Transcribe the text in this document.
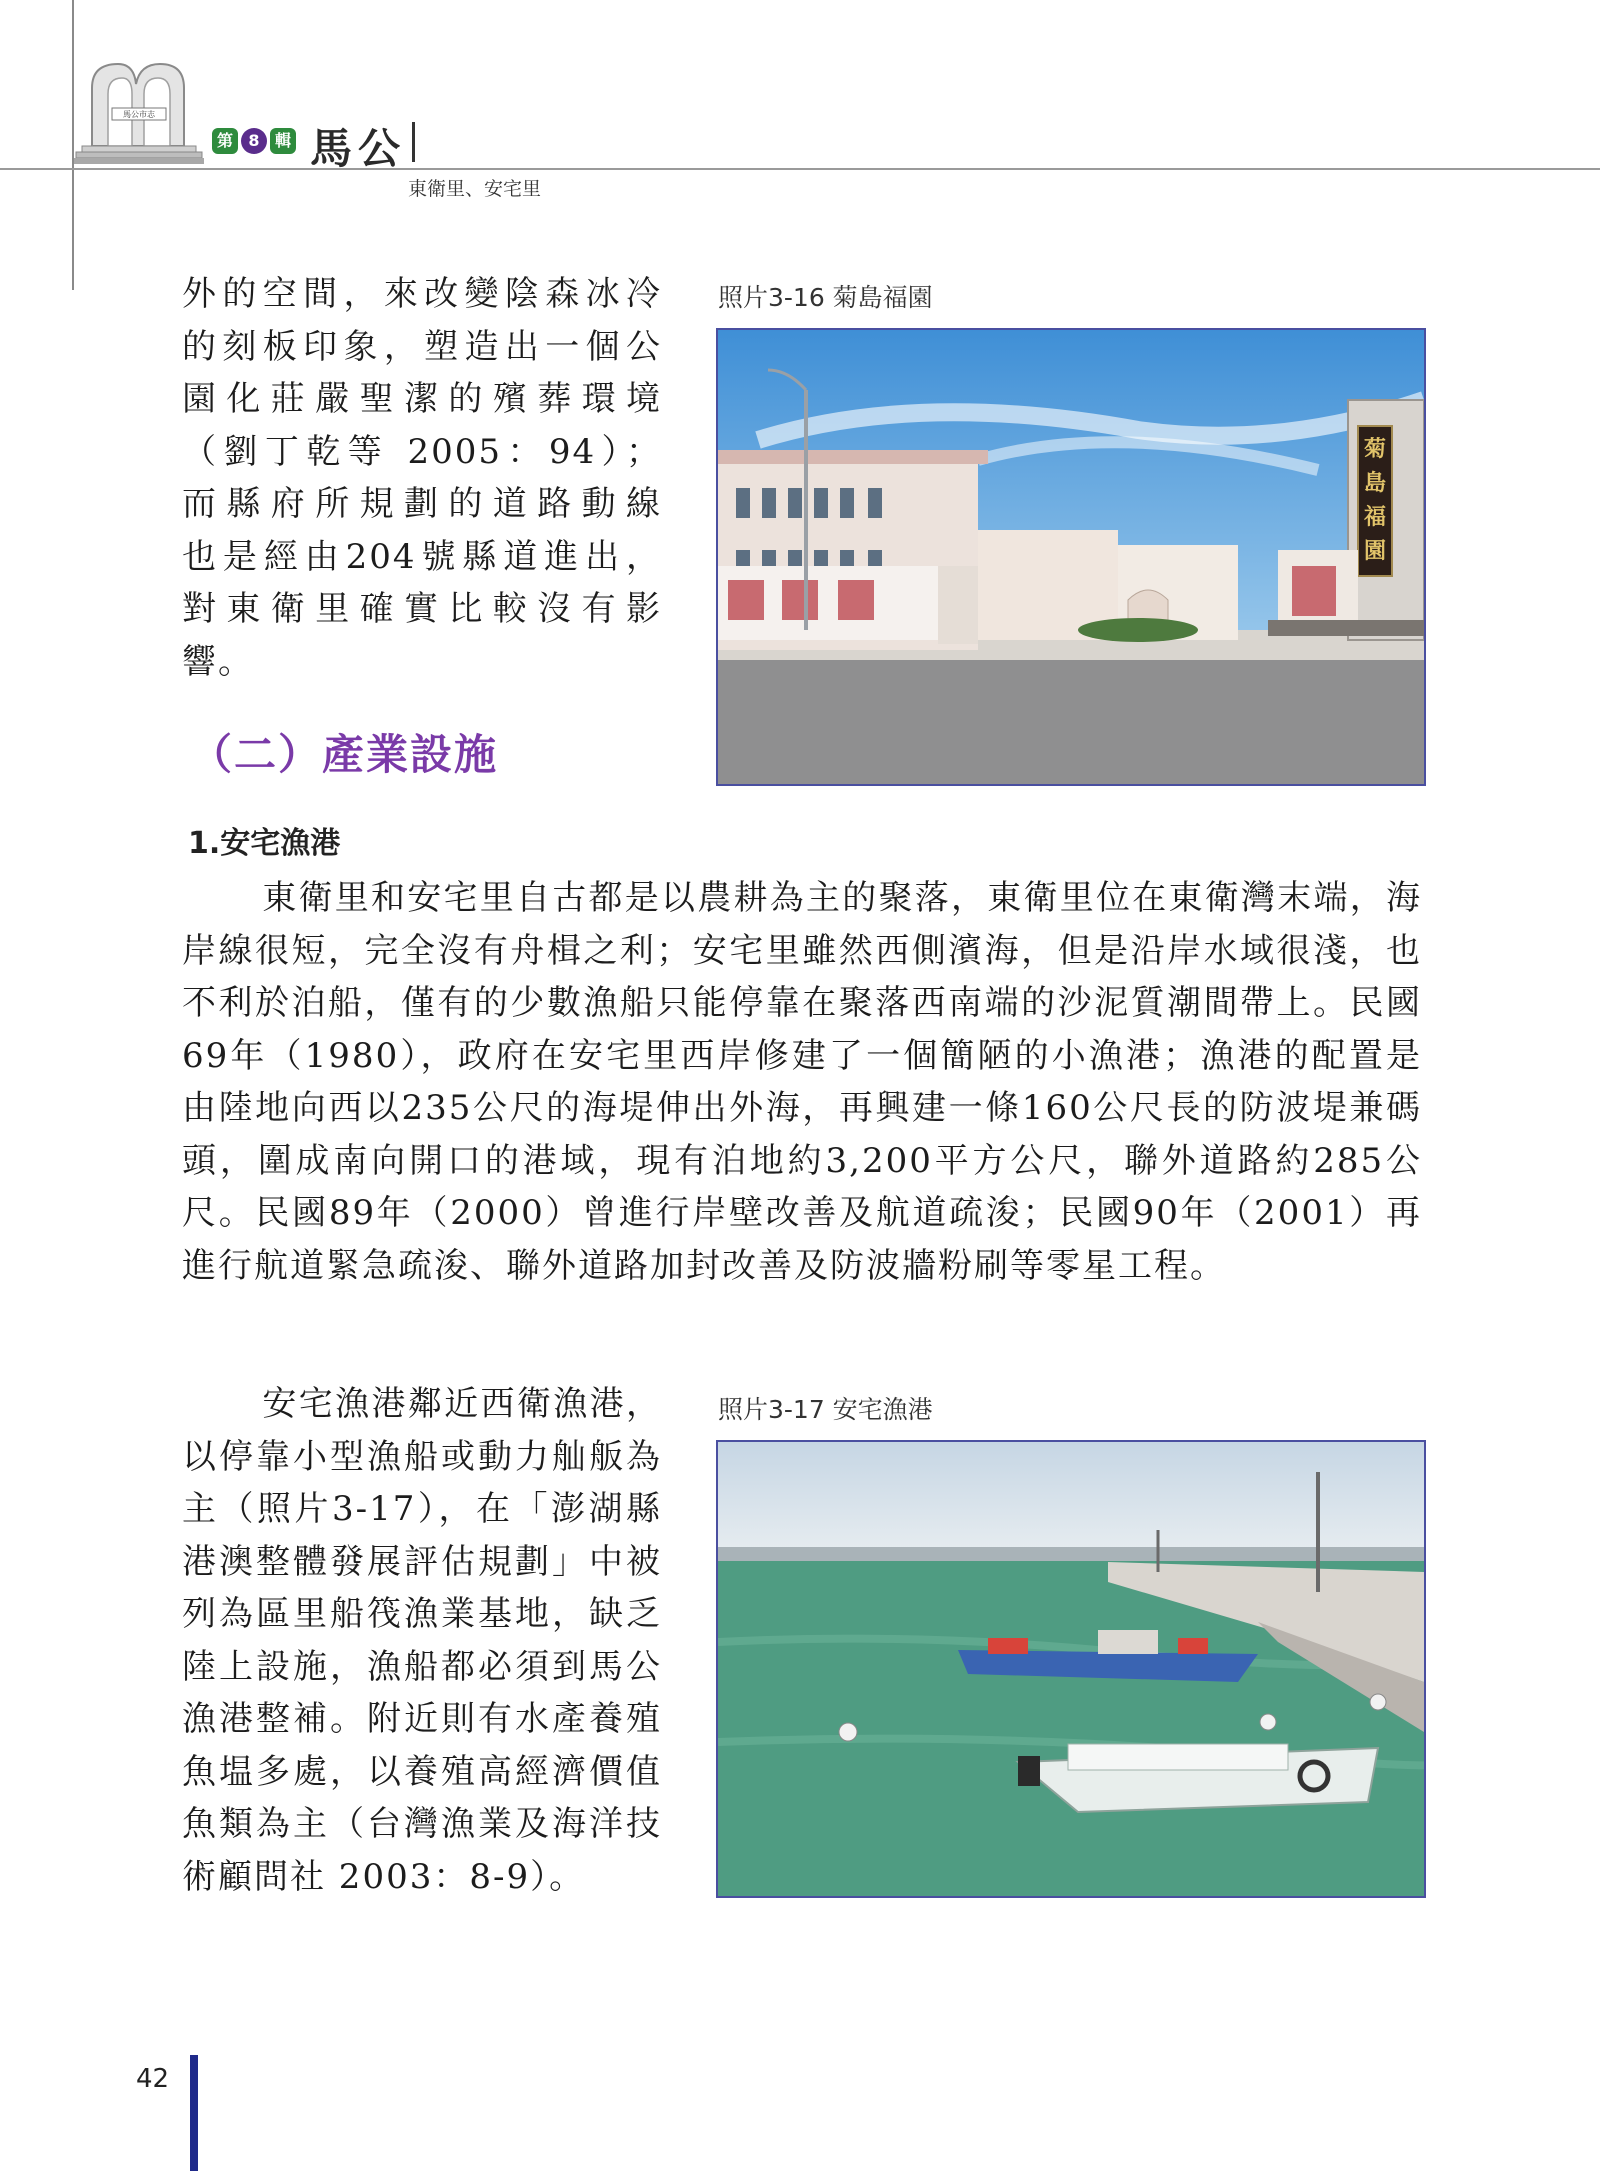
馬公市志
第 8 輯 馬公
東衛里、安宅里
外的空間，來改變陰森冰冷
的刻板印象，塑造出一個公
園化莊嚴聖潔的殯葬環境
（劉丁乾等 2005：94）；
而縣府所規劃的道路動線
也是經由204號縣道進出，
對東衛里確實比較沒有影
響。
照片3-16 菊島福園
菊島福園
（二）產業設施
1.安宅漁港

東衛里和安宅里自古都是以農耕為主的聚落，東衛里位在東衛灣末端，海岸線很短，完全沒有舟楫之利；安宅里雖然西側濱海，但是沿岸水域很淺，也不利於泊船，僅有的少數漁船只能停靠在聚落西南端的沙泥質潮間帶上。民國69年（1980），政府在安宅里西岸修建了一個簡陋的小漁港；漁港的配置是由陸地向西以235公尺的海堤伸出外海，再興建一條160公尺長的防波堤兼碼頭，圍成南向開口的港域，現有泊地約3,200平方公尺，聯外道路約285公尺。民國89年（2000）曾進行岸壁改善及航道疏浚；民國90年（2001）再進行航道緊急疏浚、聯外道路加封改善及防波牆粉刷等零星工程。

安宅漁港鄰近西衛漁港，以停靠小型漁船或動力舢舨為主（照片3-17），在「澎湖縣港澳整體發展評估規劃」中被列為區里船筏漁業基地，缺乏陸上設施，漁船都必須到馬公漁港整補。附近則有水產養殖魚塭多處，以養殖高經濟價值魚類為主（台灣漁業及海洋技術顧問社 2003：8-9）。

照片3-17 安宅漁港
42
